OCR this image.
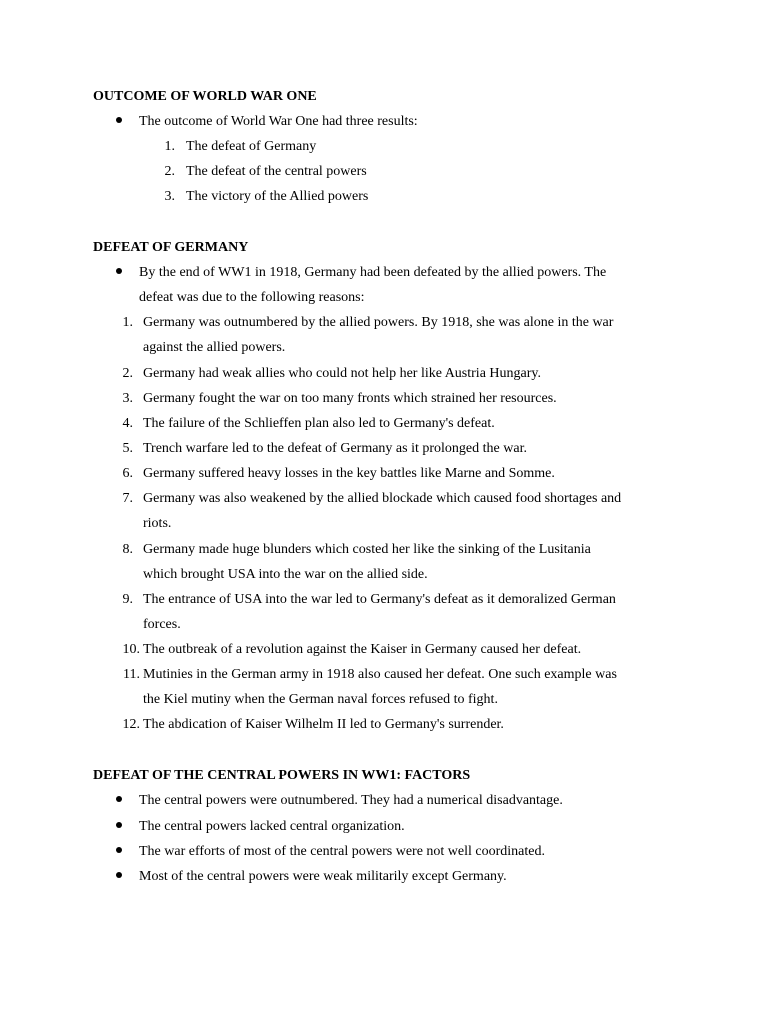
OUTCOME OF WORLD WAR ONE
The outcome of World War One had three results:
1. The defeat of Germany
2. The defeat of the central powers
3. The victory of the Allied powers
DEFEAT OF GERMANY
By the end of WW1 in 1918, Germany had been defeated by the allied powers. The
defeat was due to the following reasons:
1. Germany was outnumbered by the allied powers. By 1918, she was alone in the war
against the allied powers.
2. Germany had weak allies who could not help her like Austria Hungary.
3. Germany fought the war on too many fronts which strained her resources.
4. The failure of the Schlieffen plan also led to Germany's defeat.
5. Trench warfare led to the defeat of Germany as it prolonged the war.
6. Germany suffered heavy losses in the key battles like Marne and Somme.
7. Germany was also weakened by the allied blockade which caused food shortages and
riots.
8. Germany made huge blunders which costed her like the sinking of the Lusitania
which brought USA into the war on the allied side.
9. The entrance of USA into the war led to Germany's defeat as it demoralized German
forces.
10. The outbreak of a revolution against the Kaiser in Germany caused her defeat.
11. Mutinies in the German army in 1918 also caused her defeat. One such example was
the Kiel mutiny when the German naval forces refused to fight.
12. The abdication of Kaiser Wilhelm II led to Germany's surrender.
DEFEAT OF THE CENTRAL POWERS IN WW1: FACTORS
The central powers were outnumbered. They had a numerical disadvantage.
The central powers lacked central organization.
The war efforts of most of the central powers were not well coordinated.
Most of the central powers were weak militarily except Germany.
